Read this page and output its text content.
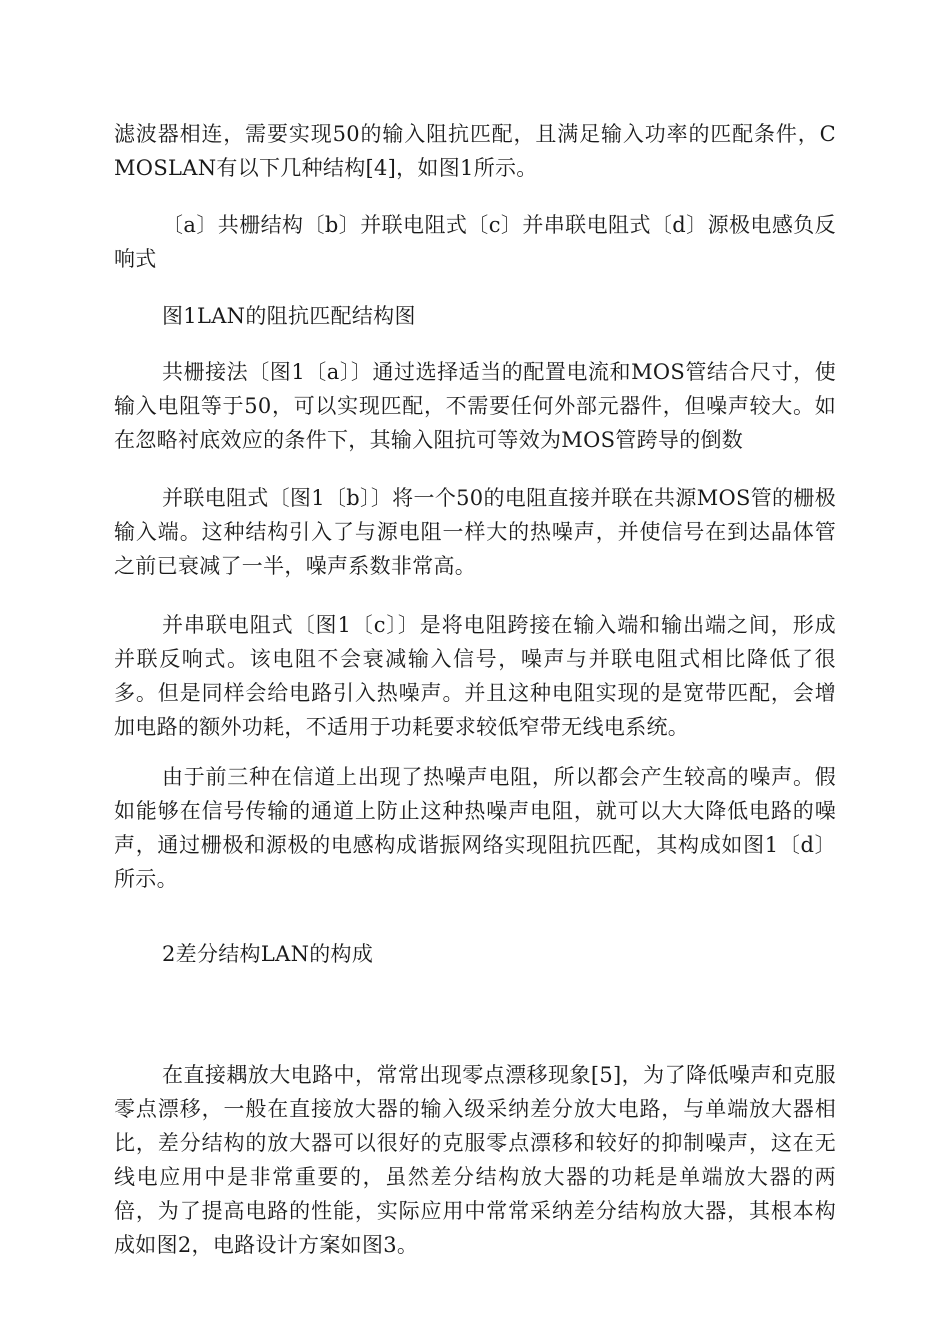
滤波器相连，需要实现50的输入阻抗匹配，且满足输入功率的匹配条件，CMOSLAN有以下几种结构[4]，如图1所示。

〔a〕共栅结构〔b〕并联电阻式〔c〕并串联电阻式〔d〕源极电感负反响式

图1LAN的阻抗匹配结构图

共栅接法〔图1〔a〕〕通过选择适当的配置电流和MOS管结合尺寸，使输入电阻等于50，可以实现匹配，不需要任何外部元器件，但噪声较大。如在忽略衬底效应的条件下，其输入阻抗可等效为MOS管跨导的倒数

并联电阻式〔图1〔b〕〕将一个50的电阻直接并联在共源MOS管的栅极输入端。这种结构引入了与源电阻一样大的热噪声，并使信号在到达晶体管之前已衰减了一半，噪声系数非常高。

并串联电阻式〔图1〔c〕〕是将电阻跨接在输入端和输出端之间，形成并联反响式。该电阻不会衰减输入信号，噪声与并联电阻式相比降低了很多。但是同样会给电路引入热噪声。并且这种电阻实现的是宽带匹配，会增加电路的额外功耗，不适用于功耗要求较低窄带无线电系统。

由于前三种在信道上出现了热噪声电阻，所以都会产生较高的噪声。假如能够在信号传输的通道上防止这种热噪声电阻，就可以大大降低电路的噪声，通过栅极和源极的电感构成谐振网络实现阻抗匹配，其构成如图1〔d〕所示。

2差分结构LAN的构成

在直接耦放大电路中，常常出现零点漂移现象[5]，为了降低噪声和克服零点漂移，一般在直接放大器的输入级采纳差分放大电路，与单端放大器相比，差分结构的放大器可以很好的克服零点漂移和较好的抑制噪声，这在无线电应用中是非常重要的，虽然差分结构放大器的功耗是单端放大器的两倍，为了提高电路的性能，实际应用中常常采纳差分结构放大器，其根本构成如图2，电路设计方案如图3。
